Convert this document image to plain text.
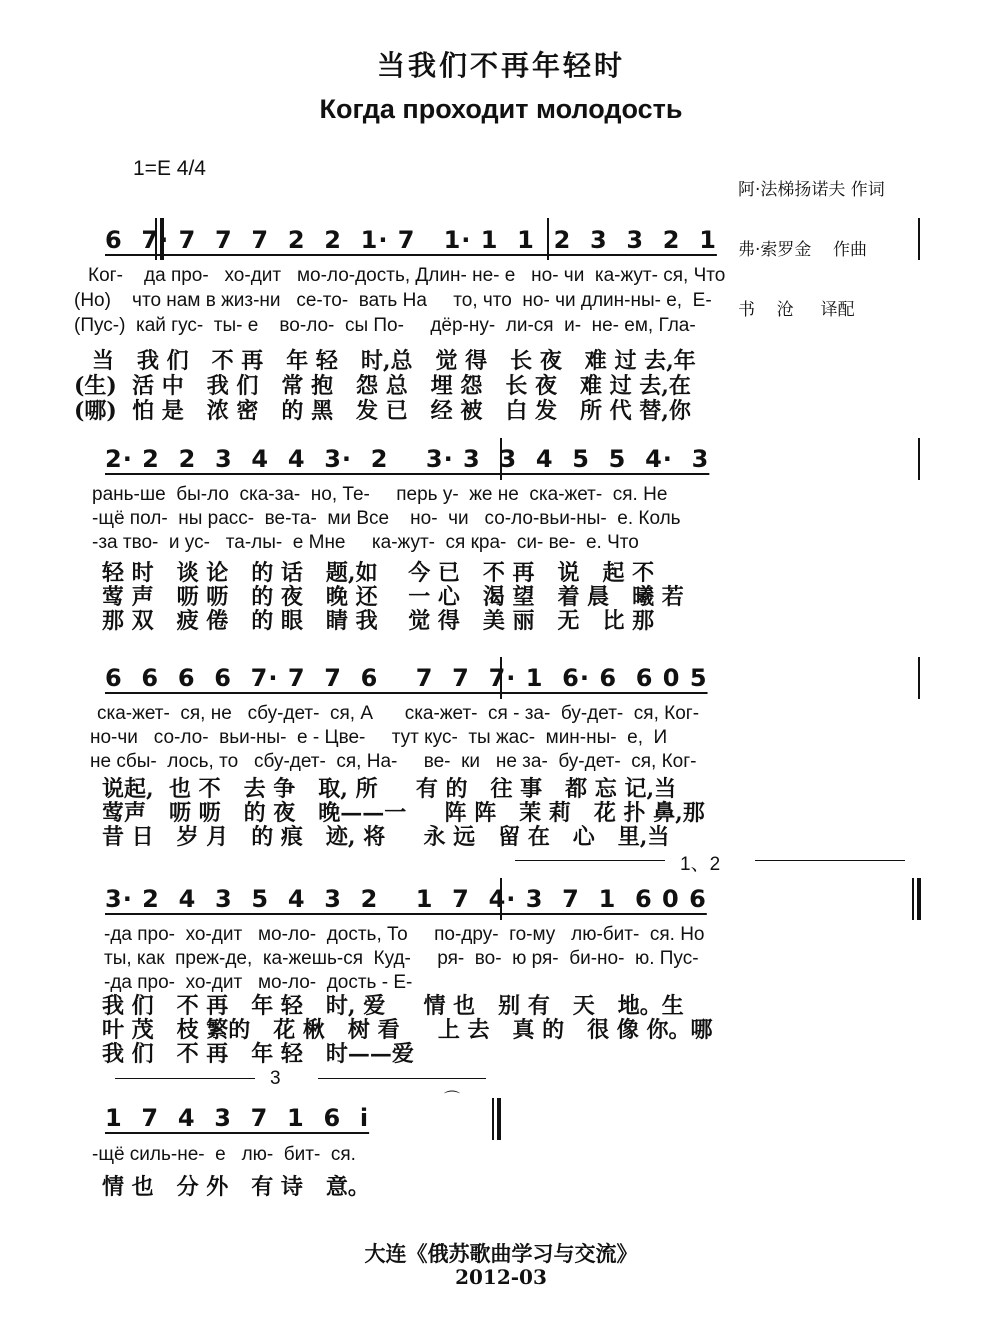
当我们不再年轻时
Когда проходит молодость
1=E 4/4

阿·法梯扬诺夫 作词

弗·索罗金    作曲

书    沧     译配

6  7· 7  7  7  2  2  1· 7   1· 1  1  2  3  3  2  1
Ког-    да про-   хо-дит   мо-ло-дость, Длин- не- е   но- чи  ка-жут- ся, Что
(Но)    что нам в жиз-ни   се-то-  вать На     то, что  но- чи длин-ны- е,  Е-
(Пус-)  кай гус-  ты- е    во-ло-  сы По-     дёр-ну-  ли-ся  и-  не- ем, Гла-
当   我 们   不 再   年 轻   时,总   觉 得   长 夜   难 过 去,年
(生)  活 中   我 们   常 抱   怨 总   埋 怨   长 夜   难 过 去,在
(哪)  怕 是   浓 密   的 黑   发 已   经 被   白 发   所 代 替,你
2· 2  2  3  4  4  3·  2    3· 3  3  4  5  5  4·  3
рань-ше  бы-ло  ска-за-  но, Те-     перь у-  же не  ска-жет-  ся. Не
-щё пол-  ны расс-  ве-та-  ми Все    но-  чи   со-ло-вьи-ны-  е. Коль
-за тво-  и ус-   та-лы-  е Мне     ка-жут-  ся кра-  си- ве-  е. Что
轻 时   谈 论   的 话   题,如    今 已   不 再   说   起 不
莺 声   呖 呖   的 夜   晚 还    一 心   渴 望   着 晨   曦 若
那 双   疲 倦   的 眼   睛 我    觉 得   美 丽   无   比 那
6  6  6  6  7· 7  7  6    7  7  7· 1  6· 6  6 0 5
ска-жет-  ся, не   сбу-дет-  ся, А      ска-жет-  ся - за-  бу-дет-  ся, Ког-
но-чи   со-ло-  вьи-ны-  е - Цве-     тут кус-  ты жас-  мин-ны-  е,  И
не сбы-  лось, то   сбу-дет-  ся, На-     ве-  ки   не за-  бу-дет-  ся, Ког-
说起,  也 不   去 争   取, 所     有 的   往 事   都 忘 记,当
莺声   呖 呖   的 夜   晚——一     阵 阵   茉 莉   花 扑 鼻,那
昔 日   岁 月   的 痕   迹, 将     永 远   留 在   心   里,当
1、2
3· 2  4  3  5  4  3  2    1  7  4· 3  7  1  6 0 6
-да про-  хо-дит   мо-ло-  дость, То     по-дру-  го-му   лю-бит-  ся. Но
ты, как  преж-де,  ка-жешь-ся  Куд-     ря-  во-  ю ря-  би-но-  ю. Пус-
-да про-  хо-дит   мо-ло-  дость - Е-
我 们   不 再   年 轻   时, 爱     情 也   别 有   天   地。生
叶 茂   枝 繁的   花 楸   树 看     上 去   真 的   很 像 你。哪
我 们   不 再   年 轻   时——爱
3
⌒
1  7  4  3  7  1  6  i
-щё силь-не-  е   лю-  бит-  ся.
情 也   分 外   有 诗   意。
大连《俄苏歌曲学习与交流》
2012-03
